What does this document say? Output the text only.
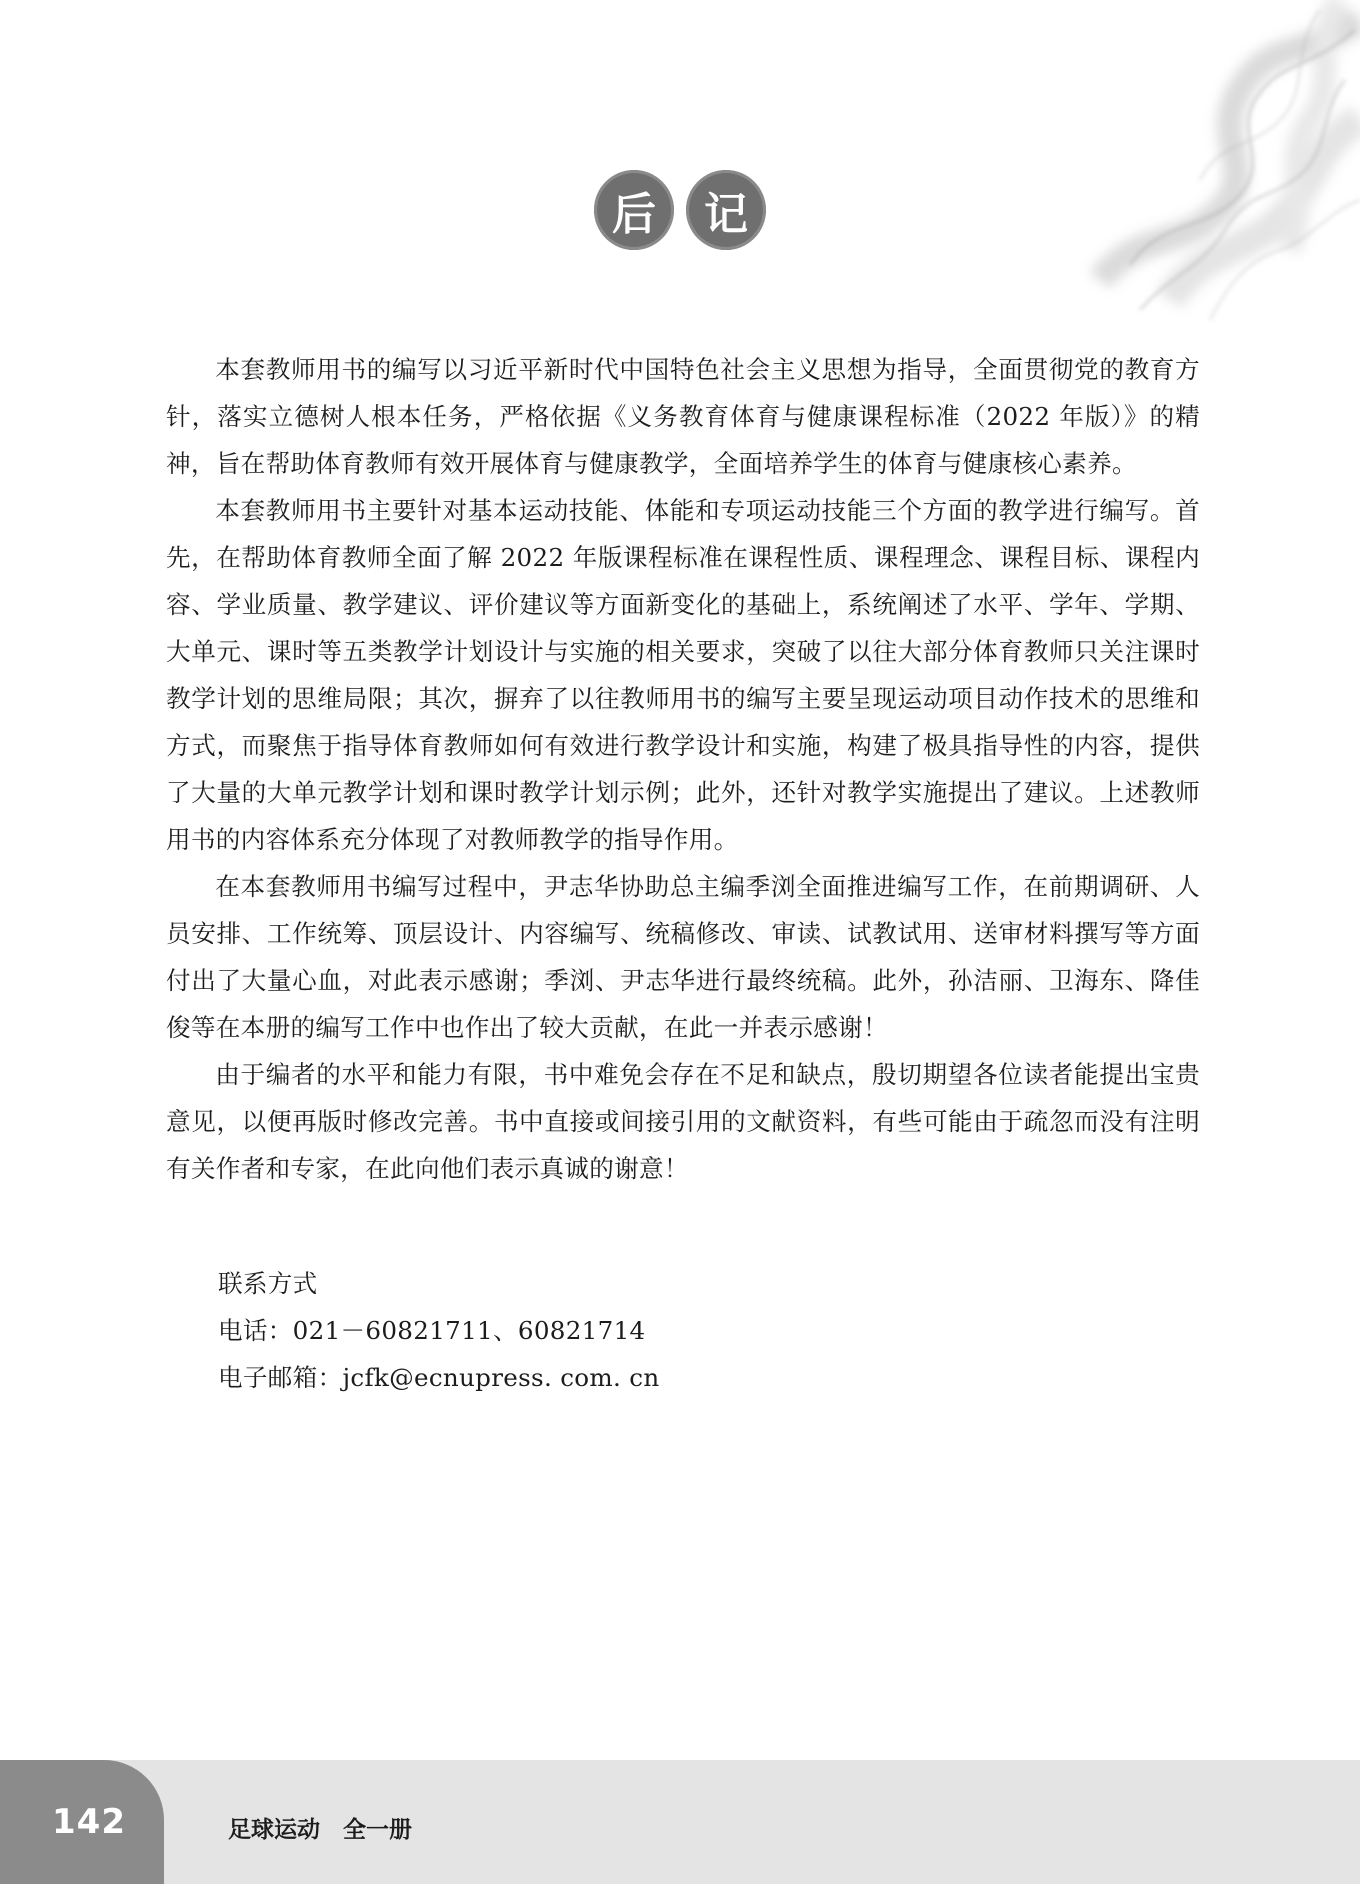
后	记

本套教师用书的编写以习近平新时代中国特色社会主义思想为指导，全面贯彻党的教育方针，落实立德树人根本任务，严格依据《义务教育体育与健康课程标准（2022 年版）》的精神，旨在帮助体育教师有效开展体育与健康教学，全面培养学生的体育与健康核心素养。

本套教师用书主要针对基本运动技能、体能和专项运动技能三个方面的教学进行编写。首先，在帮助体育教师全面了解 2022 年版课程标准在课程性质、课程理念、课程目标、课程内容、学业质量、教学建议、评价建议等方面新变化的基础上，系统阐述了水平、学年、学期、大单元、课时等五类教学计划设计与实施的相关要求，突破了以往大部分体育教师只关注课时教学计划的思维局限；其次，摒弃了以往教师用书的编写主要呈现运动项目动作技术的思维和方式，而聚焦于指导体育教师如何有效进行教学设计和实施，构建了极具指导性的内容，提供了大量的大单元教学计划和课时教学计划示例；此外，还针对教学实施提出了建议。上述教师用书的内容体系充分体现了对教师教学的指导作用。

在本套教师用书编写过程中，尹志华协助总主编季浏全面推进编写工作，在前期调研、人员安排、工作统筹、顶层设计、内容编写、统稿修改、审读、试教试用、送审材料撰写等方面付出了大量心血，对此表示感谢；季浏、尹志华进行最终统稿。此外，孙洁丽、卫海东、降佳俊等在本册的编写工作中也作出了较大贡献，在此一并表示感谢！

由于编者的水平和能力有限，书中难免会存在不足和缺点，殷切期望各位读者能提出宝贵意见，以便再版时修改完善。书中直接或间接引用的文献资料，有些可能由于疏忽而没有注明有关作者和专家，在此向他们表示真诚的谢意！

联系方式
电话：021－60821711、60821714
电子邮箱：jcfk@ecnupress. com. cn
142	足球运动　全一册
